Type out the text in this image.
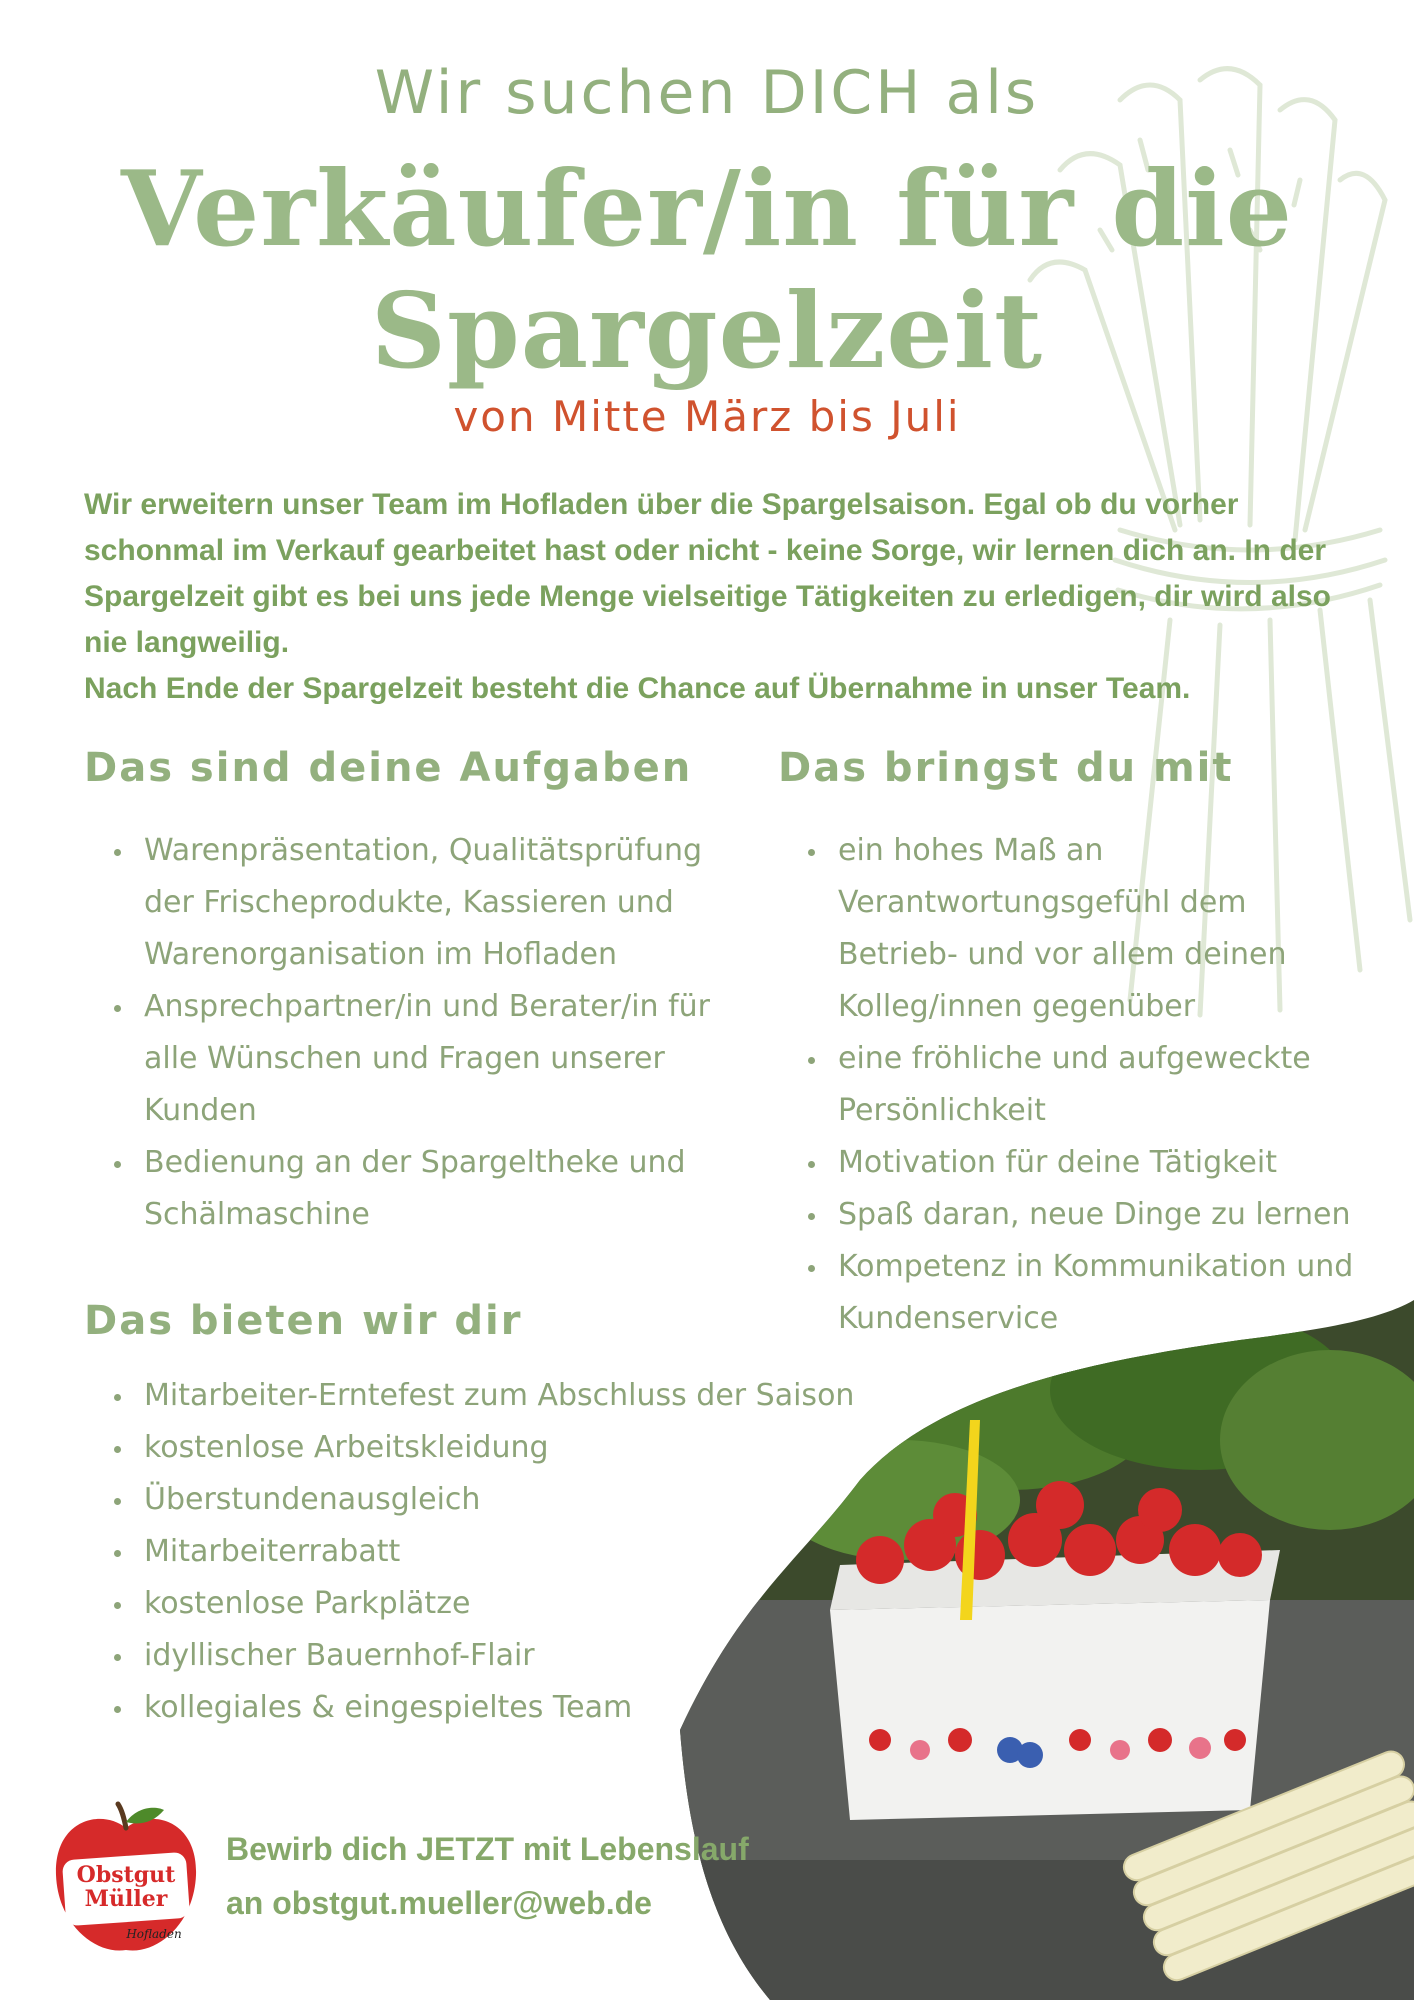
Wir suchen DICH als
Verkäufer/in für die
Spargelzeit
von Mitte März bis Juli

Wir erweitern unser Team im Hofladen über die Spargelsaison. Egal ob du vorher schonmal im Verkauf gearbeitet hast oder nicht - keine Sorge, wir lernen dich an. In der Spargelzeit gibt es bei uns jede Menge vielseitige Tätigkeiten zu erledigen, dir wird also nie langweilig.

Nach Ende der Spargelzeit besteht die Chance auf Übernahme in unser Team.

Das sind deine Aufgaben
Warenpräsentation, Qualitätsprüfung der Frischeprodukte, Kassieren und Warenorganisation im Hofladen
Ansprechpartner/in und Berater/in für alle Wünschen und Fragen unserer Kunden
Bedienung an der Spargeltheke und Schälmaschine
Das bringst du mit
ein hohes Maß an Verantwortungsgefühl dem Betrieb- und vor allem deinen Kolleg/innen gegenüber
eine fröhliche und aufgeweckte Persönlichkeit
Motivation für deine Tätigkeit
Spaß daran, neue Dinge zu lernen
Kompetenz in Kommunikation und Kundenservice
Das bieten wir dir
Mitarbeiter-Erntefest zum Abschluss der Saison
kostenlose Arbeitskleidung
Überstundenausgleich
Mitarbeiterrabatt
kostenlose Parkplätze
idyllischer Bauernhof-Flair
kollegiales & eingespieltes Team
Obstgut
Müller
Hofladen
Bewirb dich JETZT mit Lebenslauf
an obstgut.mueller@web.de
